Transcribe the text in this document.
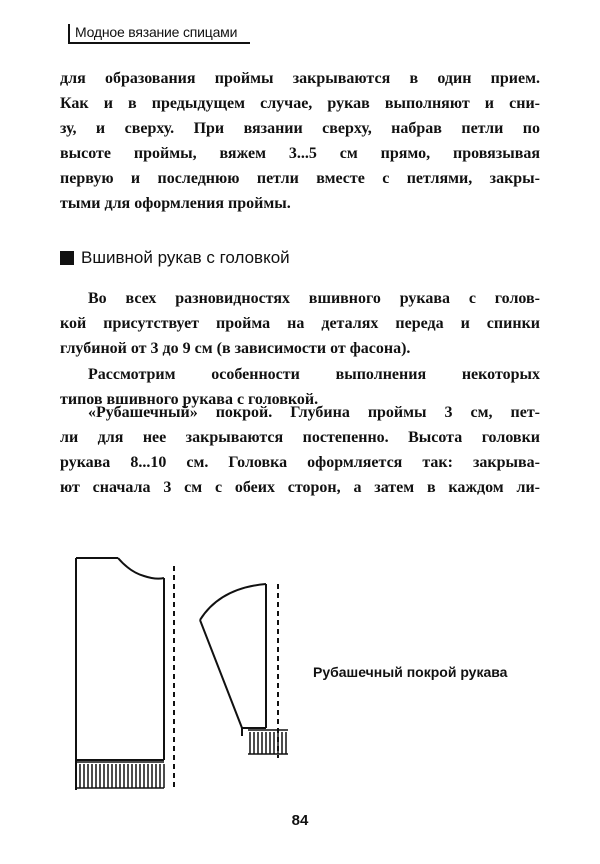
Модное вязание спицами
для образования проймы закрываются в один прием.
Как и в предыдущем случае, рукав выполняют и сни-
зу, и сверху. При вязании сверху, набрав петли по
высоте проймы, вяжем 3...5 см прямо, провязывая
первую и последнюю петли вместе с петлями, закры-
тыми для оформления проймы.
Вшивной рукав с головкой
Во всех разновидностях вшивного рукава с голов-
кой присутствует пройма на деталях переда и спинки
глубиной от 3 до 9 см (в зависимости от фасона).
Рассмотрим особенности выполнения некоторых
типов вшивного рукава с головкой.
«Рубашечный» покрой. Глубина проймы 3 см, пет-
ли для нее закрываются постепенно. Высота головки
рукава 8...10 см. Головка оформляется так: закрыва-
ют сначала 3 см с обеих сторон, а затем в каждом ли-
Рубашечный покрой рукава
84
